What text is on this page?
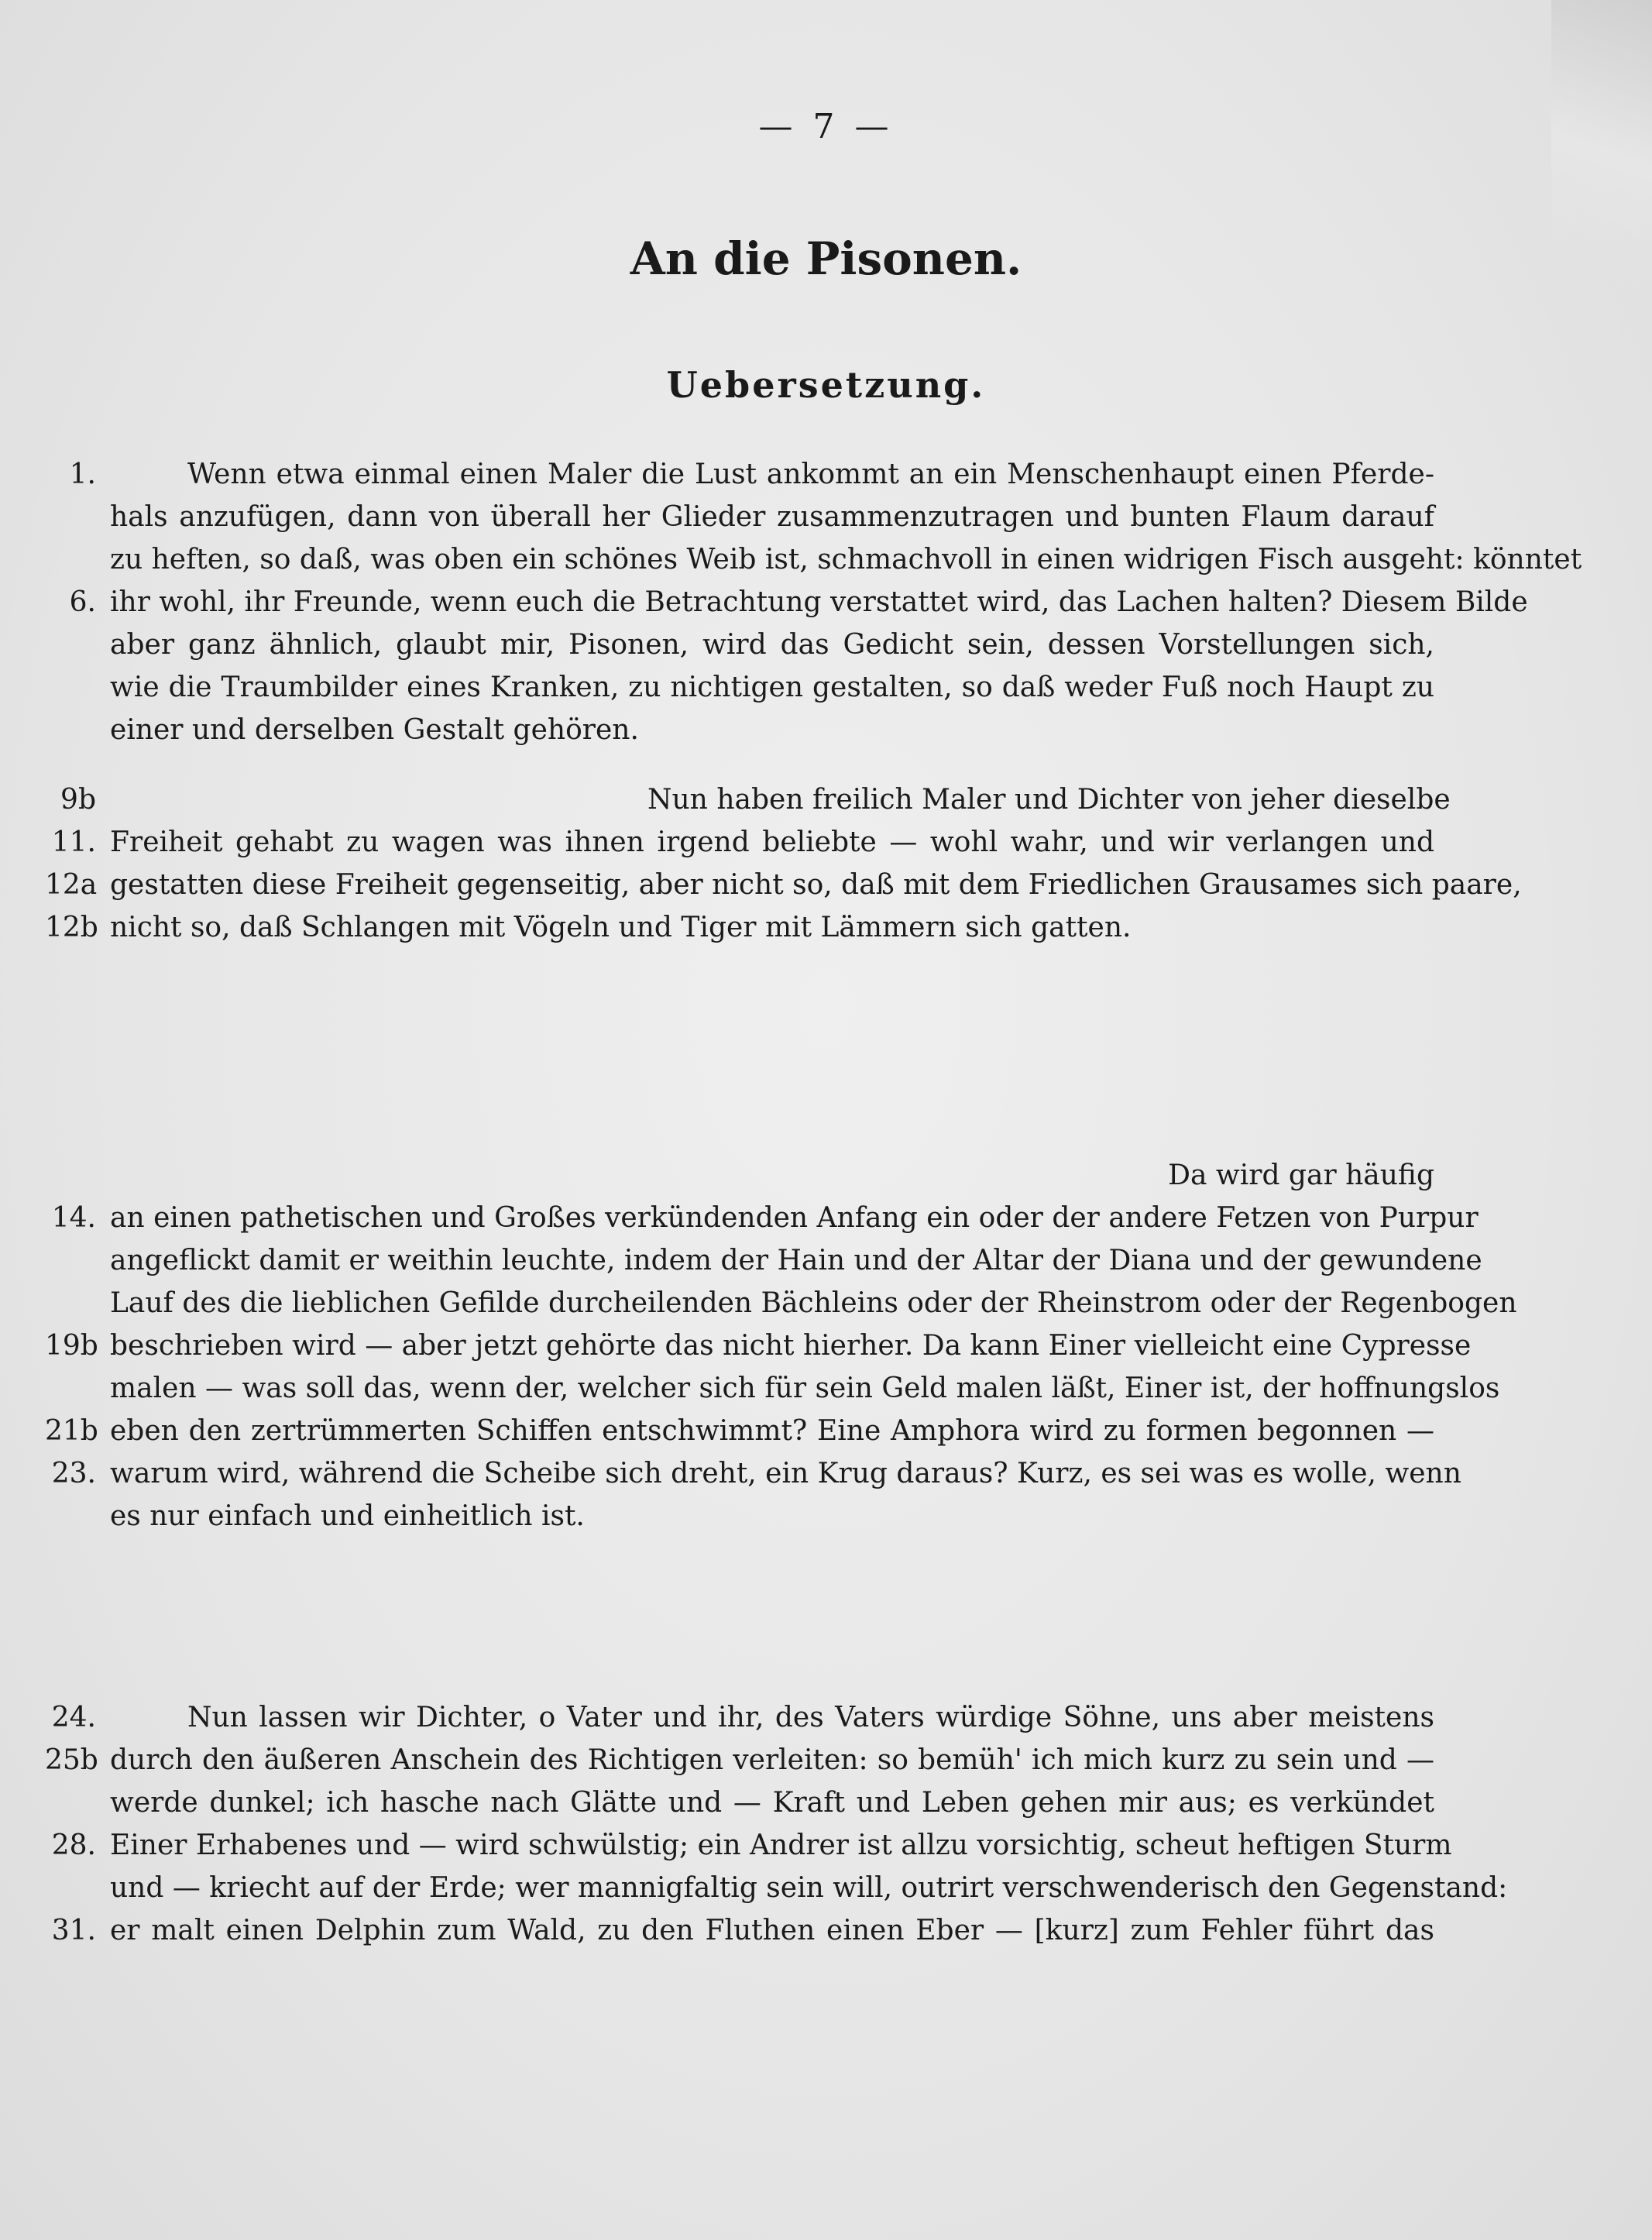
— 7 —
An die Pisonen.
Uebersetzung.
1.	Wenn etwa einmal einen Maler die Lust ankommt an ein Menschenhaupt einen Pferde-
hals anzufügen, dann von überall her Glieder zusammenzutragen und bunten Flaum darauf
zu heften, so daß, was oben ein schönes Weib ist, schmachvoll in einen widrigen Fisch ausgeht: könntet
6. ihr wohl, ihr Freunde, wenn euch die Betrachtung verstattet wird, das Lachen halten? Diesem Bilde
aber ganz ähnlich, glaubt mir, Pisonen, wird das Gedicht sein, dessen Vorstellungen sich,
wie die Traumbilder eines Kranken, zu nichtigen gestalten, so daß weder Fuß noch Haupt zu
einer und derselben Gestalt gehören.
9b	Nun haben freilich Maler und Dichter von jeher dieselbe
11. Freiheit gehabt zu wagen was ihnen irgend beliebte — wohl wahr, und wir verlangen und
12a gestatten diese Freiheit gegenseitig, aber nicht so, daß mit dem Friedlichen Grausames sich paare,
12b nicht so, daß Schlangen mit Vögeln und Tiger mit Lämmern sich gatten.
Da wird gar häufig
14. an einen pathetischen und Großes verkündenden Anfang ein oder der andere Fetzen von Purpur
angeflickt damit er weithin leuchte, indem der Hain und der Altar der Diana und der gewundene
Lauf des die lieblichen Gefilde durcheilenden Bächleins oder der Rheinstrom oder der Regenbogen
19b beschrieben wird — aber jetzt gehörte das nicht hierher. Da kann Einer vielleicht eine Cypresse
malen — was soll das, wenn der, welcher sich für sein Geld malen läßt, Einer ist, der hoffnungslos
21b eben den zertrümmerten Schiffen entschwimmt? Eine Amphora wird zu formen begonnen —
23. warum wird, während die Scheibe sich dreht, ein Krug daraus? Kurz, es sei was es wolle, wenn
es nur einfach und einheitlich ist.
24.	Nun lassen wir Dichter, o Vater und ihr, des Vaters würdige Söhne, uns aber meistens
25b durch den äußeren Anschein des Richtigen verleiten: so bemüh' ich mich kurz zu sein und —
werde dunkel; ich hasche nach Glätte und — Kraft und Leben gehen mir aus; es verkündet
28. Einer Erhabenes und — wird schwülstig; ein Andrer ist allzu vorsichtig, scheut heftigen Sturm
und — kriecht auf der Erde; wer mannigfaltig sein will, outrirt verschwenderisch den Gegenstand:
31. er malt einen Delphin zum Wald, zu den Fluthen einen Eber — [kurz] zum Fehler führt das
